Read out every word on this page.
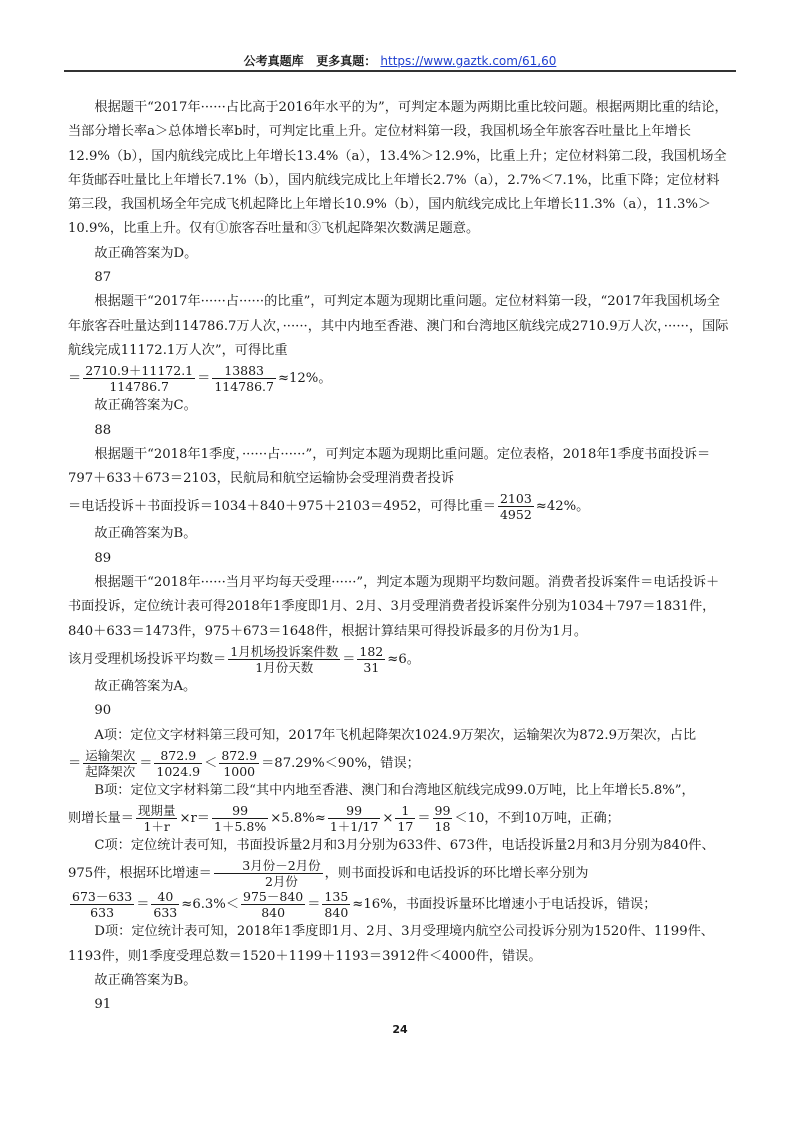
公考真题库 更多真题： https://www.gaztk.com/61,60

根据题干“2017年······占比高于2016年水平的为”，可判定本题为两期比重比较问题。根据两期比重的结论，当部分增长率a＞总体增长率b时，可判定比重上升。定位材料第一段，我国机场全年旅客吞吐量比上年增长12.9%（b），国内航线完成比上年增长13.4%（a），13.4%＞12.9%，比重上升；定位材料第二段，我国机场全年货邮吞吐量比上年增长7.1%（b），国内航线完成比上年增长2.7%（a），2.7%＜7.1%，比重下降；定位材料第三段，我国机场全年完成飞机起降比上年增长10.9%（b），国内航线完成比上年增长11.3%（a），11.3%＞10.9%，比重上升。仅有①旅客吞吐量和③飞机起降架次数满足题意。

故正确答案为D。

87

根据题干“2017年······占······的比重”，可判定本题为现期比重问题。定位材料第一段，“2017年我国机场全年旅客吞吐量达到114786.7万人次，······，其中内地至香港、澳门和台湾地区航线完成2710.9万人次，······，国际航线完成11172.1万人次”，可得比重

＝ $\frac{2710.9+11172.1}{114786.7} = \frac{13883}{114786.7} \approx 12\%$。

故正确答案为C。

88

根据题干“2018年1季度，······占······”，可判定本题为现期比重问题。定位表格，2018年1季度书面投诉＝797＋633＋673＝2103，民航局和航空运输协会受理消费者投诉

＝电话投诉＋书面投诉＝1034＋840＋975＋2103＝4952，可得比重＝ $\frac{2103}{4952} \approx 42\%$。

故正确答案为B。

89

根据题干“2018年······当月平均每天受理······”，判定本题为现期平均数问题。消费者投诉案件＝电话投诉＋书面投诉，定位统计表可得2018年1季度即1月、2月、3月受理消费者投诉案件分别为1034＋797＝1831件，840＋633＝1473件，975＋673＝1648件，根据计算结果可得投诉最多的月份为1月。

该月受理机场投诉平均数＝ $\frac{\text{1月机场投诉案件数}}{\text{1月份天数}} = \frac{182}{31} \approx 6$。

故正确答案为A。

90

A项：定位文字材料第三段可知，2017年飞机起降架次1024.9万架次，运输架次为872.9万架次，占比

＝ $\frac{\text{运输架次}}{\text{起降架次}} = \frac{872.9}{1024.9} < \frac{872.9}{1000} =87.29\%<90\%$，错误；

B项：定位文字材料第二段“其中内地至香港、澳门和台湾地区航线完成99.0万吨，比上年增长5.8%”，

则增长量＝ $\frac{\text{现期量}}{1+r} \times r= \frac{99}{1+5.8\%} \times 5.8\%\approx \frac{99}{1+1/17} \times \frac{1}{17} = \frac{99}{18} <10$，不到10万吨，正确；

C项：定位统计表可知，书面投诉量2月和3月分别为633件、673件，电话投诉量2月和3月分别为840件、975件，根据环比增速＝ $\frac{\text{3月份－2月份}}{\text{2月份}}$ ，则书面投诉和电话投诉的环比增长率分别为

$\frac{673-633}{633} = \frac{40}{633} \approx 6.3\%< \frac{975-840}{840} = \frac{135}{840} \approx 16\%$，书面投诉量环比增速小于电话投诉，错误；

D项：定位统计表可知，2018年1季度即1月、2月、3月受理境内航空公司投诉分别为1520件、1199件、1193件，则1季度受理总数＝1520＋1199＋1193＝3912件＜4000件，错误。

故正确答案为B。

91

24
